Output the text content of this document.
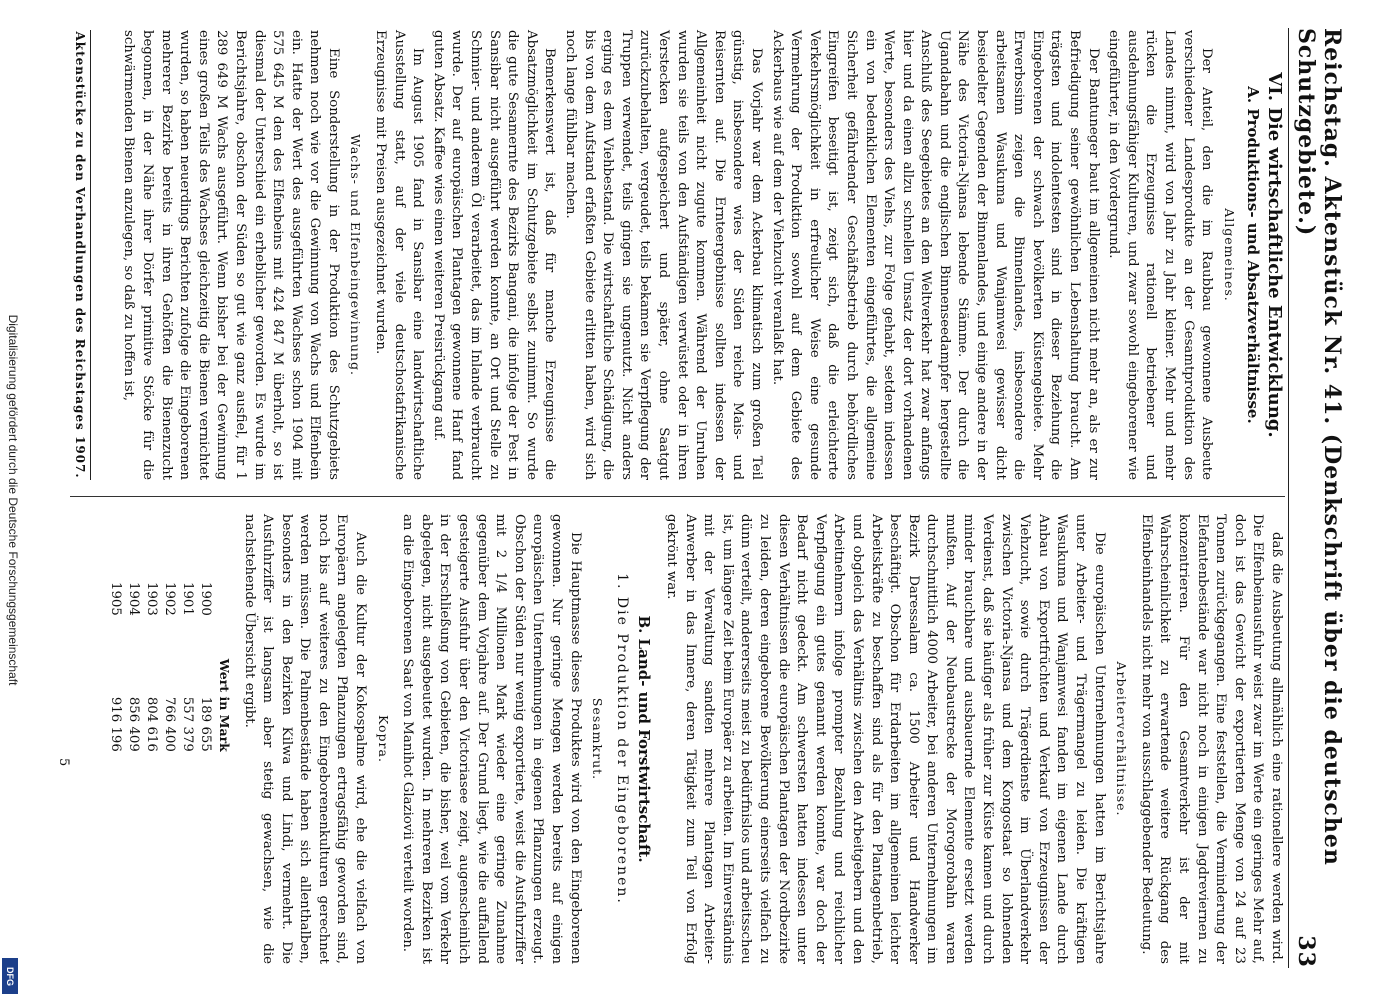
Reichstag. Aktenstück Nr. 41. (Denkschrift über die deutschen Schutzgebiete.)
33
VI. Die wirtschaftliche Entwicklung.
A. Produktions- und Absatzverhältnisse.
Allgemeines.

Der Anteil, den die im Raubbau gewonnene Ausbeute verschiedener Landesprodukte an der Gesamtproduktion des Landes nimmt, wird von Jahr zu Jahr kleiner. Mehr und mehr rücken die Erzeugnisse rationell betriebener und ausdehnungsfähiger Kulturen, und zwar sowohl eingeborener wie eingeführter, in den Vordergrund.

Der Bantuneger baut im allgemeinen nicht mehr an, als er zur Befriedigung seiner gewöhnlichen Lebenshaltung braucht. Am trägsten und indolentesten sind in dieser Beziehung die Eingeborenen der schwach bevölkerten Küstengebiete. Mehr Erwerbssinn zeigen die Binnenlandes, insbesondere die arbeitsamen Wasukuma und Wanjamwesi gewisser dicht besiedelter Gegenden der Binnenlandes, und einige andere in der Nähe des Victoria-Njansa lebende Stämme. Der durch die Ugandabahn und die englischen Binnenseedampfer hergestellte Anschluß des Seegebietes an den Weltverkehr hat zwar anfangs hier und da einen allzu schnellen Umsatz der dort vorhandenen Werte, besonders des Viehs, zur Folge gehabt, setdem indessen ein von bedenklichen Elementen eingeführtes, die allgemeine Sicherheit gefährdender Geschäftsbetrieb durch behördliches Eingreifen beseitigt ist, zeigt sich, daß die erleichterte Verkehrsmöglichkeit in erfreulicher Weise eine gesunde Vermehrung der Produktion sowohl auf dem Gebiete des Ackerbaus wie auf dem der Viehzucht veranlaßt hat.

Das Vorjahr war dem Ackerbau klimatisch zum großen Teil günstig, insbesondere wies der Süden reiche Mais- und Reisernten auf. Die Ernteergebnisse sollten indessen der Allgemeinheit nicht zugute kommen. Während der Unruhen wurden sie teils von den Aufständigen verwüstet oder in ihren Verstecken aufgespeichert und später, ohne Saatgut zurückzubehalten, vergeudet, teils bekamen sie Verpflegung der Truppen verwendet, teils gingen sie ungenutzt. Nicht anders erging es dem Viehbestand. Die wirtschaftliche Schädigung, die bis von dem Aufstand erfaßten Gebiete erlitten haben, wird sich noch lange fühlbar machen.

Bemerkenswert ist, daß für manche Erzeugnisse die Absatzmöglichkeit im Schutzgebiete selbst zunimmt. So wurde die gute Sesamernte des Bezirks Bangani, die infolge der Pest in Sansibar nicht ausgeführt werden konnte, an Ort und Stelle zu Schmier- und anderem Öl verarbeitet, das im Inlande verbraucht wurde. Der auf europäischen Plantagen gewonnene Hanf fand guten Absatz. Kaffee wies einen weiteren Preisrückgang auf.

Im August 1905 fand in Sansibar eine landwirtschaftliche Ausstellung statt, auf der viele deutschostafrikanische Erzeugnisse mit Preisen ausgezeichnet wurden.

Wachs- und Elfenbeingewinnung.

Eine Sonderstellung in der Produktion des Schutzgebiets nehmen noch wie vor die Gewinnung von Wachs und Elfenbein ein. Hatte der Wert des ausgeführten Wachses schon 1904 mit 575 645 M den des Elfenbeins mit 424 847 M überholt, so ist diesmal der Unterschied ein erheblicher geworden. Es wurde im Berichtsjahre, obschon der Süden so gut wie ganz ausfiel, für 1 289 649 M Wachs ausgeführt. Wenn bisher bei der Gewinnung eines großen Teils des Wachses gleichzeitig die Bienen vernichtet wurden, so haben neuerdings Berichten zufolge die Eingeborenen mehrerer Bezirke bereits in ihren Gehöften die Bienenzucht begonnen, in der Nähe ihrer Dörfer primitive Stöcke für die schwärmenden Bienen anzulegen, so daß zu hoffen ist,

daß die Ausbeutung allmählich eine rationellere werden wird. Die Elfenbeinausfuhr weist zwar im Werte ein geringes Mehr auf, doch ist das Gewicht der exportierten Menge von 24 auf 23 Tonnen zurückgegangen. Eine feststellen, die Verminderung der Elefantenbestände war nicht noch in einigen Jagdreviernen zu konzentrieren. Für den Gesamtverkehr ist der mit Wahrscheinlichkeit zu erwartende weitere Rückgang des Elfenbeinhandels nicht mehr von ausschlaggebender Bedeutung.

Arbeiterverhältnisse.

Die europäischen Unternehmungen hatten im Berichtsjahre unter Arbeiter- und Trägermangel zu leiden. Die kräftigen Wasukuma und Wanjamwesi fanden im eigenen Lande durch Anbau von Exportfrüchten und Verkauf von Erzeugnissen der Viehzucht, sowie durch Trägerdienste im Überlandverkehr zwischen Victoria-Njansa und dem Kongostaat so lohnenden Verdienst, daß sie häufiger als früher zur Küste kamen und durch minder brauchbare und ausbauernde Elemente ersetzt werden mußten. Auf der Neubaustrecke der Morogorobahn waren durchschnittlich 4000 Arbeiter, bei anderen Unternehmungen im Bezirk Daressalam ca. 1500 Arbeiter und Handwerker beschäftigt. Obschon für Erdarbeiten im allgemeinen leichter Arbeitskräfte zu beschaffen sind als für den Plantagenbetrieb, und obgleich das Verhältnis zwischen den Arbeitgebern und den Arbeitnehmern infolge prompter Bezahlung und reichlicher Verpflegung ein gutes genannt werden konnte, war doch der Bedarf nicht gedeckt. Am schwersten hatten indessen unter diesen Verhältnissen die europäischen Plantagen der Nordbezirke zu leiden, deren eingeborene Bevölkerung einerseits vielfach zu dünn verteilt, andererseits meist zu bedürfnislos und arbeitsscheu ist, um längere Zeit beim Europäer zu arbeiten. Im Einverständnis mit der Verwaltung sandten mehrere Plantagen Arbeiter-Anwerber in das Innere, deren Tätigkeit zum Teil von Erfolg gekrönt war.

B. Land- und Forstwirtschaft.
1. Die Produktion der Eingeborenen.
Sesamkrut.

Die Hauptmasse dieses Produktes wird von den Eingeborenen gewonnen. Nur geringe Mengen werden bereits auf einigen europäischen Unternehmungen in eigenen Pflanzungen erzeugt. Obschon der Süden nur wenig exportierte, weist die Ausfuhrziffer mit 2 1/4 Millionen Mark wieder eine geringe Zunahme gegenüber dem Vorjahre auf. Der Grund liegt, wie die auffallend gesteigerte Ausfuhr über den Victoriasee zeigt, augenscheinlich in der Erschließung von Gebieten, die bisher, weil vom Verkehr abgelegen, nicht ausgebeutet wurden. In mehreren Bezirken ist an die Eingeborenen Saat von Manihot Glaziovii verteilt worden.

Kopra.

Auch die Kultur der Kokospalme wird, ehe die vielfach von Europäern angelegten Pflanzungen ertragsfähig geworden sind, noch bis auf weiteres zu den Eingeborenenkulturen gerechnet werden müssen. Die Palmenbestände haben sich allenthalben, besonders in den Bezirken Kilwa und Lindi, vermehrt. Die Ausfuhrziffer ist langsam aber stetig gewachsen, wie die nachstehende Übersicht ergibt.

	Wert in Mark
1900	189 655
1901	557 379
1902	766 400
1903	804 616
1904	856 409
1905	916 196
Aktenstücke zu den Verhandlungen des Reichstages 1907.
5
Digitalisierung gefördert durch die Deutsche Forschungsgemeinschaft
DFG
